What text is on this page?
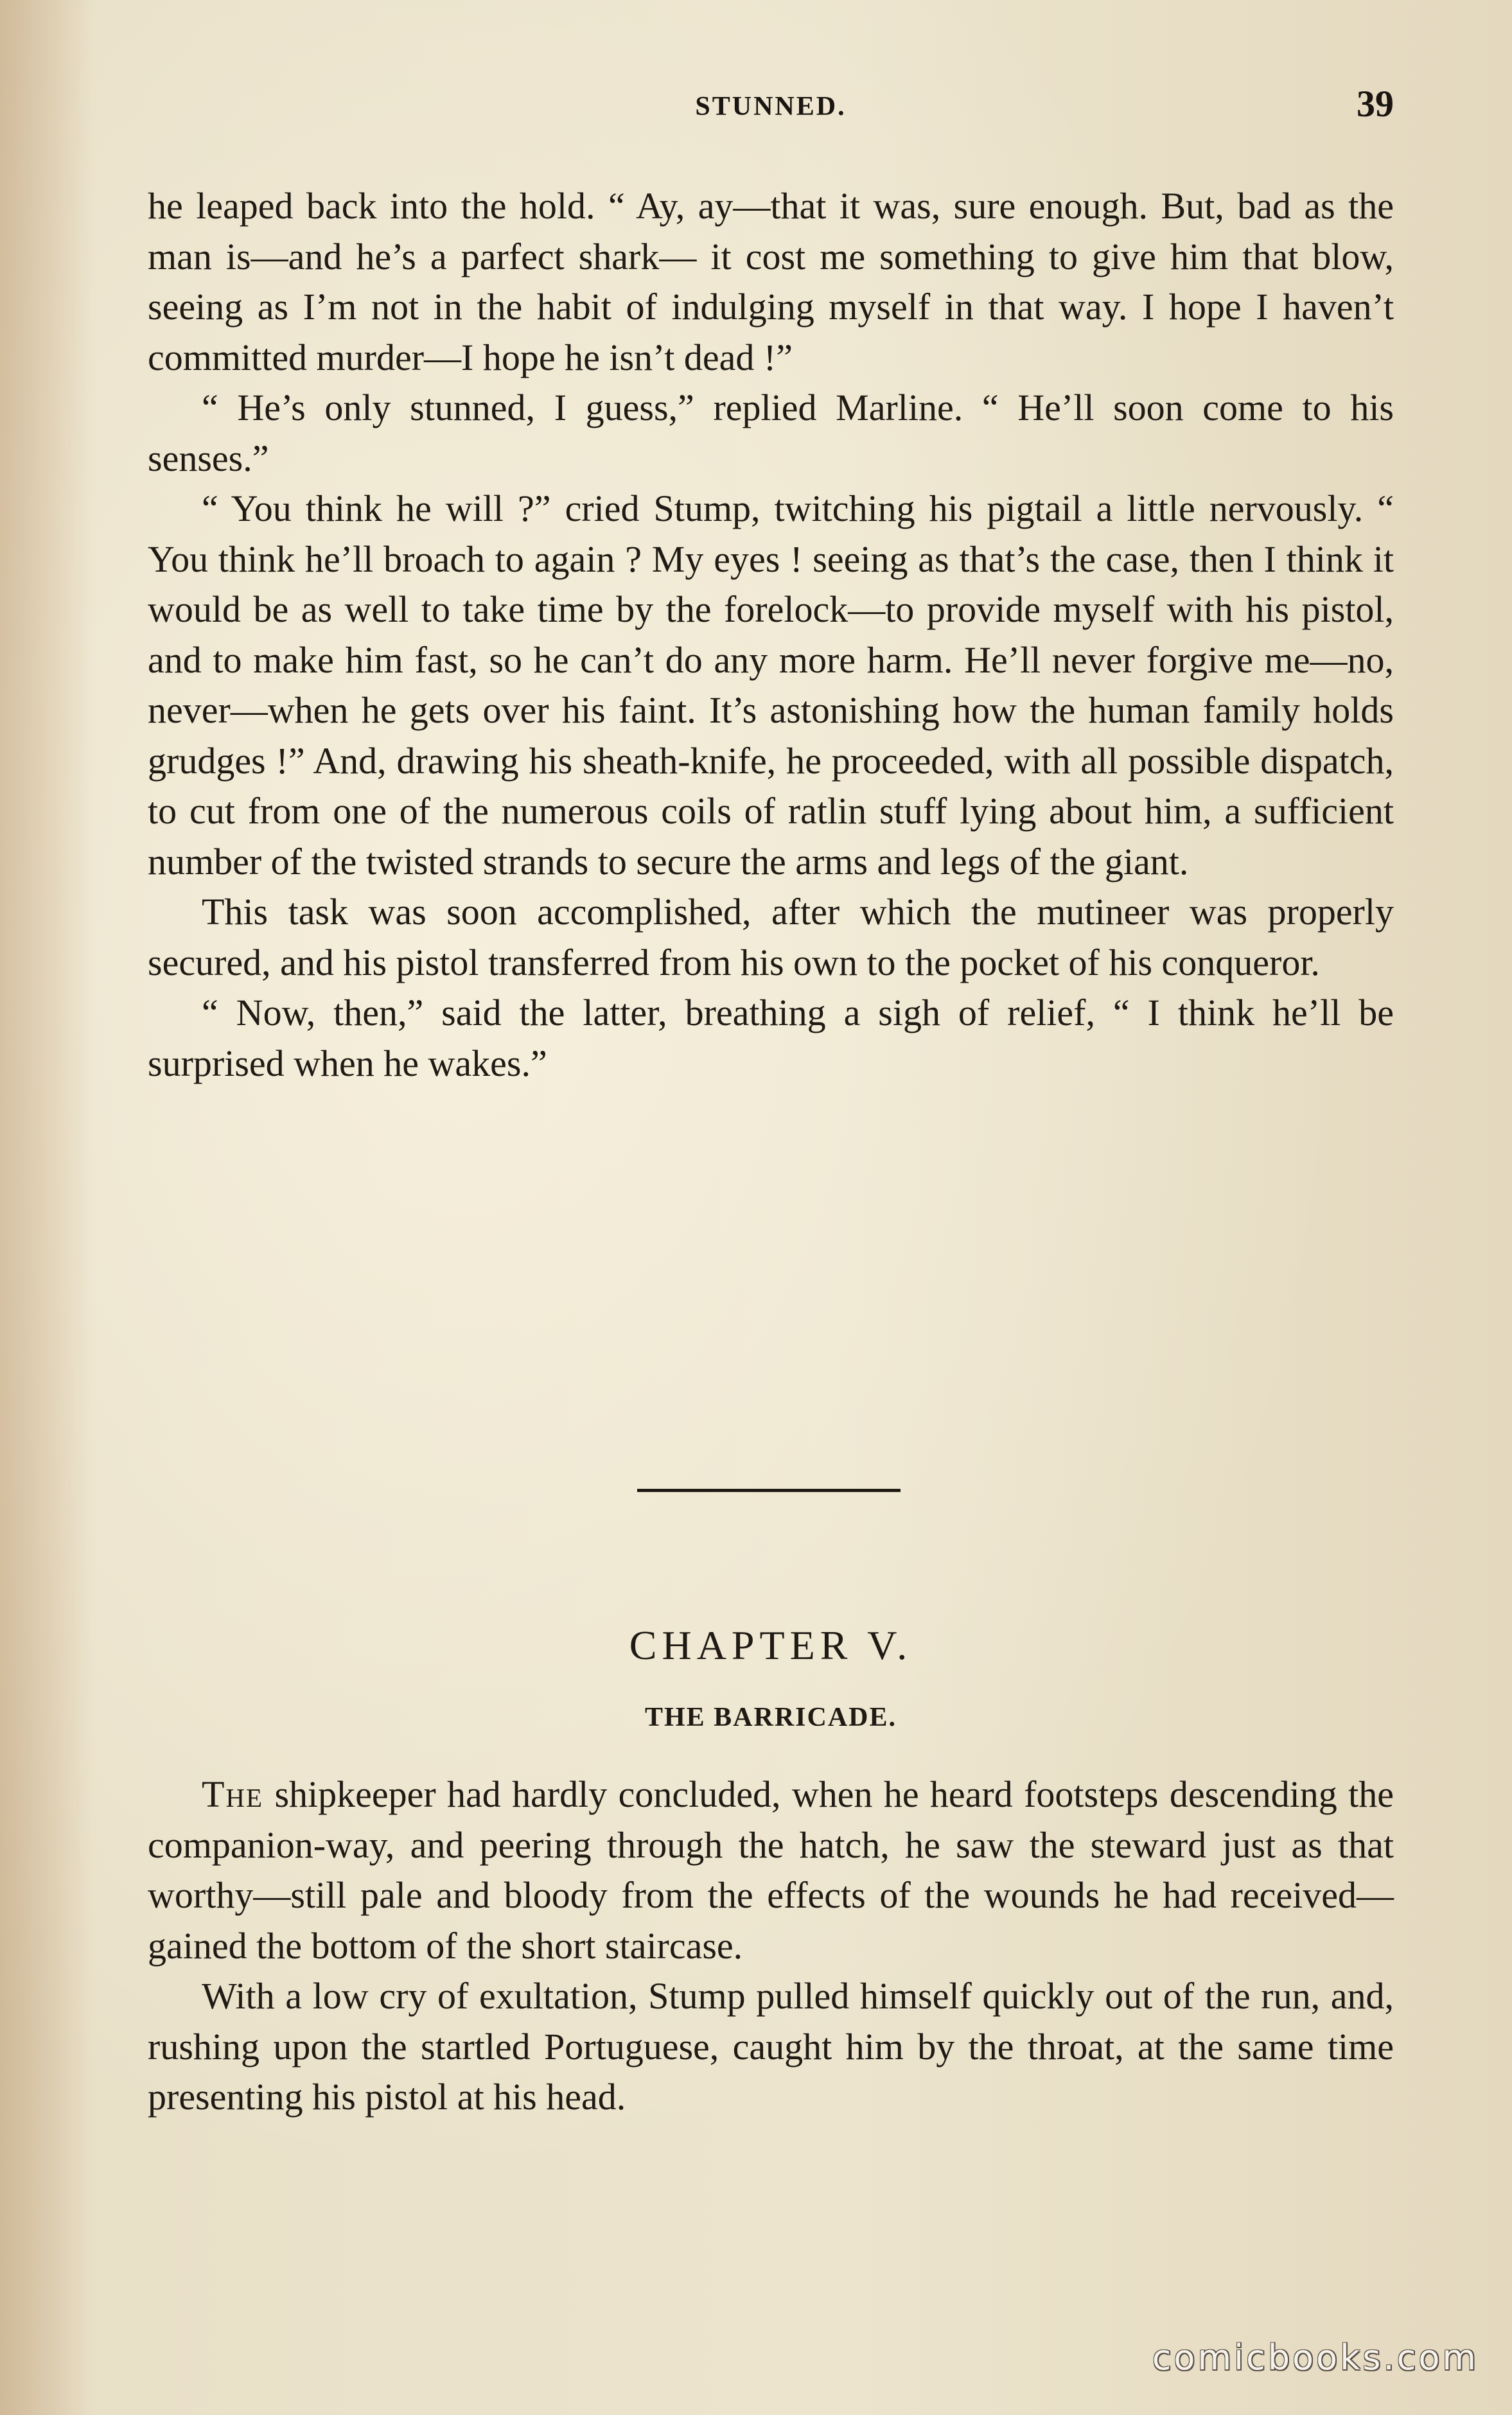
STUNNED.	39

he leaped back into the hold. “ Ay, ay—that it was, sure enough. But, bad as the man is—and he’s a parfect shark— it cost me something to give him that blow, seeing as I’m not in the habit of indulging myself in that way. I hope I haven’t committed murder—I hope he isn’t dead !”

“ He’s only stunned, I guess,” replied Marline. “ He’ll soon come to his senses.”

“ You think he will ?” cried Stump, twitching his pigtail a little nervously. “ You think he’ll broach to again ? My eyes ! seeing as that’s the case, then I think it would be as well to take time by the forelock—to provide myself with his pistol, and to make him fast, so he can’t do any more harm. He’ll never forgive me—no, never—when he gets over his faint. It’s astonishing how the human family holds grudges !” And, drawing his sheath-knife, he proceeded, with all possible dispatch, to cut from one of the numerous coils of ratlin stuff lying about him, a sufficient number of the twisted strands to secure the arms and legs of the giant.

This task was soon accomplished, after which the mutineer was properly secured, and his pistol transferred from his own to the pocket of his conqueror.

“ Now, then,” said the latter, breathing a sigh of relief, “ I think he’ll be surprised when he wakes.”

CHAPTER V.
THE BARRICADE.

The shipkeeper had hardly concluded, when he heard footsteps descending the companion-way, and peering through the hatch, he saw the steward just as that worthy—still pale and bloody from the effects of the wounds he had received—gained the bottom of the short staircase.

With a low cry of exultation, Stump pulled himself quickly out of the run, and, rushing upon the startled Portuguese, caught him by the throat, at the same time presenting his pistol at his head.

comicbooks.com
